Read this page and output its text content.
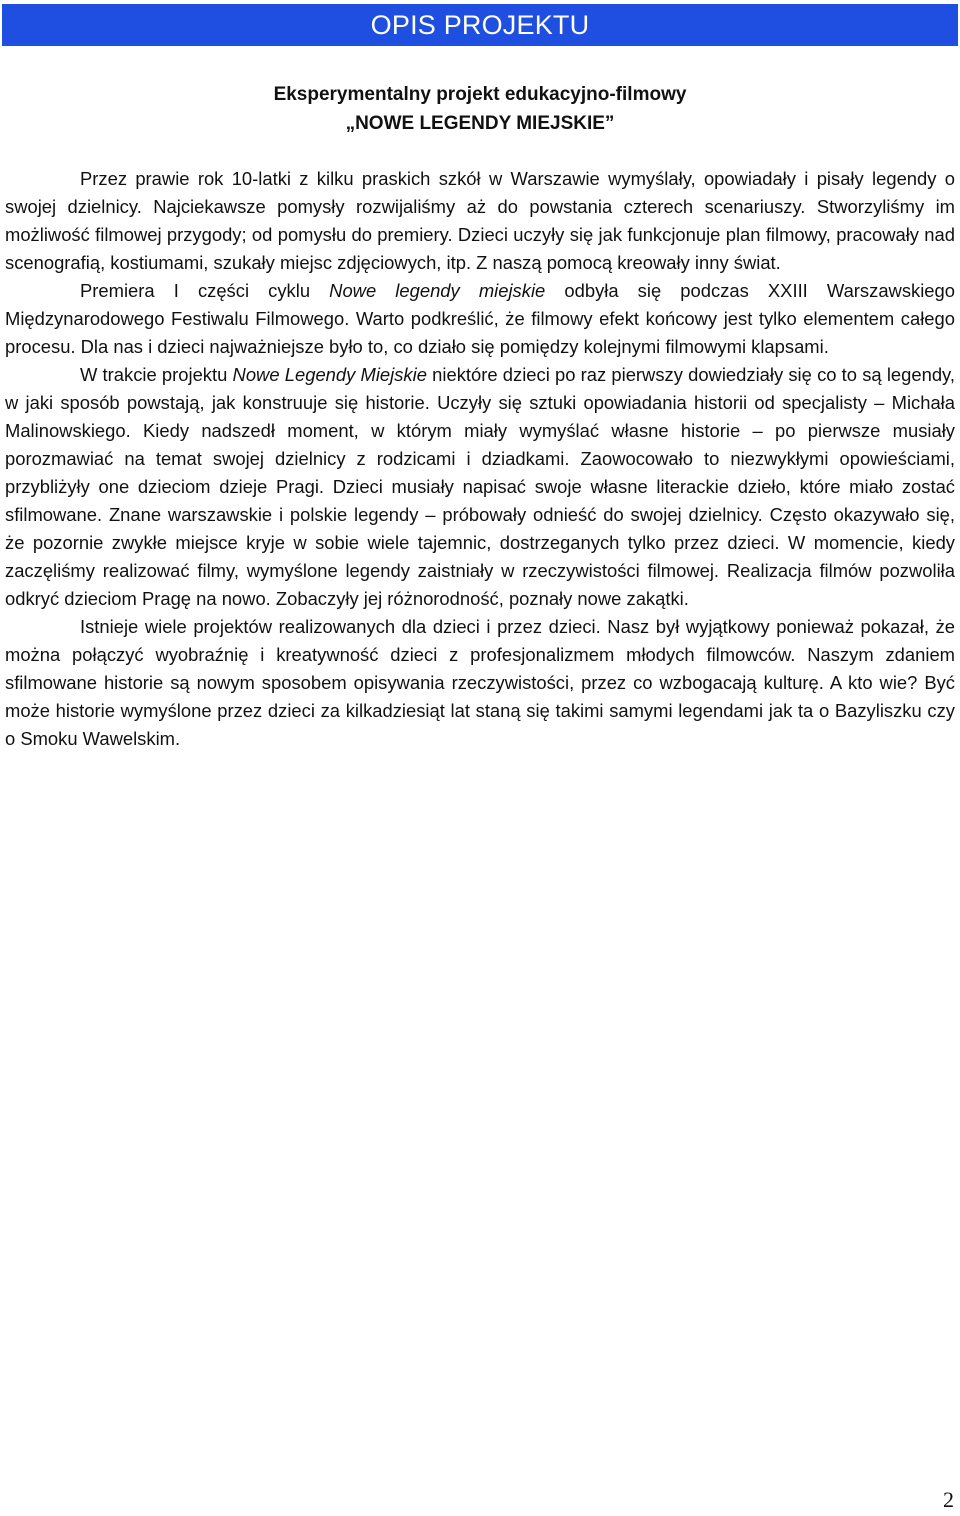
OPIS PROJEKTU
Eksperymentalny projekt edukacyjno-filmowy
„NOWE LEGENDY MIEJSKIE”

Przez prawie rok 10-latki z kilku praskich szkół w Warszawie wymyślały, opowiadały i pisały legendy o swojej dzielnicy. Najciekawsze pomysły rozwijaliśmy aż do powstania czterech scenariuszy. Stworzyliśmy im możliwość filmowej przygody; od pomysłu do premiery. Dzieci uczyły się jak funkcjonuje plan filmowy, pracowały nad scenografią, kostiumami, szukały miejsc zdjęciowych, itp. Z naszą pomocą kreowały inny świat.

Premiera I części cyklu Nowe legendy miejskie odbyła się podczas XXIII Warszawskiego Międzynarodowego Festiwalu Filmowego. Warto podkreślić, że filmowy efekt końcowy jest tylko elementem całego procesu. Dla nas i dzieci najważniejsze było to, co działo się pomiędzy kolejnymi filmowymi klapsami.

W trakcie projektu Nowe Legendy Miejskie niektóre dzieci po raz pierwszy dowiedziały się co to są legendy, w jaki sposób powstają, jak konstruuje się historie. Uczyły się sztuki opowiadania historii od specjalisty – Michała Malinowskiego. Kiedy nadszedł moment, w którym miały wymyślać własne historie – po pierwsze musiały porozmawiać na temat swojej dzielnicy z rodzicami i dziadkami. Zaowocowało to niezwykłymi opowieściami, przybliżyły one dzieciom dzieje Pragi. Dzieci musiały napisać swoje własne literackie dzieło, które miało zostać sfilmowane. Znane warszawskie i polskie legendy – próbowały odnieść do swojej dzielnicy. Często okazywało się, że pozornie zwykłe miejsce kryje w sobie wiele tajemnic, dostrzeganych tylko przez dzieci. W momencie, kiedy zaczęliśmy realizować filmy, wymyślone legendy zaistniały w rzeczywistości filmowej. Realizacja filmów pozwoliła odkryć dzieciom Pragę na nowo. Zobaczyły jej różnorodność, poznały nowe zakątki.

Istnieje wiele projektów realizowanych dla dzieci i przez dzieci. Nasz był wyjątkowy ponieważ pokazał, że można połączyć wyobraźnię i kreatywność dzieci z profesjonalizmem młodych filmowców. Naszym zdaniem sfilmowane historie są nowym sposobem opisywania rzeczywistości, przez co wzbogacają kulturę. A kto wie? Być może historie wymyślone przez dzieci za kilkadziesiąt lat staną się takimi samymi legendami jak ta o Bazyliszku czy o Smoku Wawelskim.

2
